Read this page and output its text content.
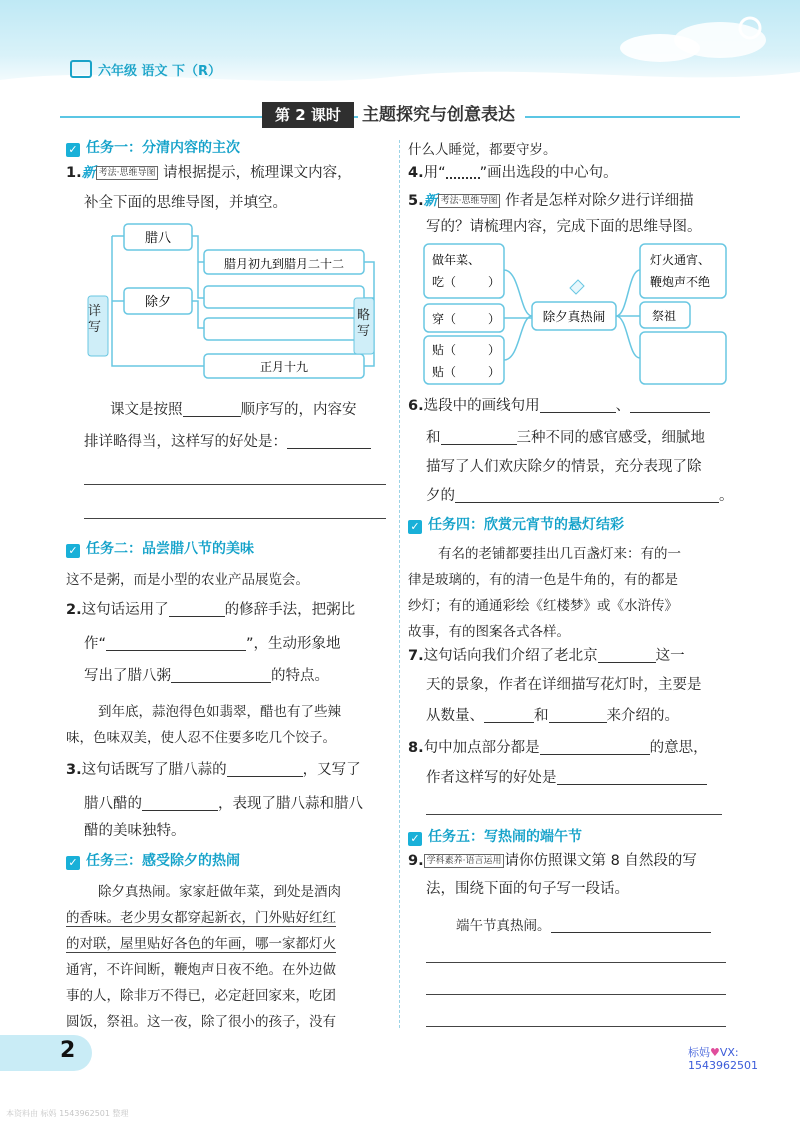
六年级 语文 下（R）
第 2 课时	主题探究与创意表达
✓ 任务一：分清内容的主次
1.新 考法·思维导图 请根据提示，梳理课文内容，
补全下面的思维导图，并填空。
腊八
腊月初九到腊月二十二
除夕
正月十九
详写
略写
课文是按照	顺序写的，内容安
排详略得当，这样写的好处是：
✓ 任务二：品尝腊八节的美味
这不是粥，而是小型的农业产品展览会。
2.这句话运用了	的修辞手法，把粥比
作“	”，生动形象地
写出了腊八粥	的特点。
到年底，蒜泡得色如翡翠，醋也有了些辣
味，色味双美，使人忍不住要多吃几个饺子。
3.这句话既写了腊八蒜的	，又写了
腊八醋的	，表现了腊八蒜和腊八
醋的美味独特。
✓ 任务三：感受除夕的热闹
除夕真热闹。家家赶做年菜，到处是酒肉
的香味。老少男女都穿起新衣，门外贴好红红
的对联，屋里贴好各色的年画，哪一家都灯火
通宵，不许间断，鞭炮声日夜不绝。在外边做
事的人，除非万不得已，必定赶回家来，吃团
圆饭，祭祖。这一夜，除了很小的孩子，没有
什么人睡觉，都要守岁。
4.用“ ”画出选段的中心句。
5.新 考法·思维导图 作者是怎样对除夕进行详细描
写的？请梳理内容，完成下面的思维导图。
除夕真热闹
做年菜、
吃（	）
穿（	）
贴（	）
贴（	）
灯火通宵、
鞭炮声不绝
祭祖
6.选段中的画线句用	、
和	三种不同的感官感受，细腻地
描写了人们欢庆除夕的情景，充分表现了除
夕的	。
✓ 任务四：欣赏元宵节的悬灯结彩
有名的老铺都要挂出几百盏灯来：有的一
律是玻璃的，有的清一色是牛角的，有的都是
纱灯；有的通通彩绘《红楼梦》或《水浒传》
故事，有的图案各式各样。
7.这句话向我们介绍了老北京	这一
天的景象，作者在详细描写花灯时，主要是
从数量、	和	来介绍的。
8.句中加点部分都是	的意思，
作者这样写的好处是
✓ 任务五：写热闹的端午节
9. 学科素养·语言运用 请你仿照课文第 8 自然段的写
法，围绕下面的句子写一段话。
端午节真热闹。
2	标妈♥VX:
1543962501
本资料由 标妈 1543962501 整理
